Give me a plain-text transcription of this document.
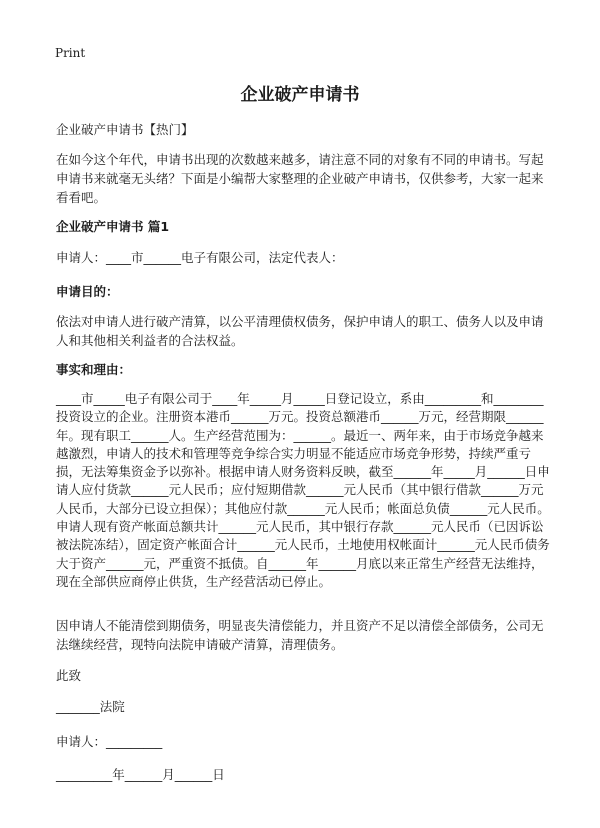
Print
企业破产申请书
企业破产申请书【热门】
在如今这个年代，申请书出现的次数越来越多，请注意不同的对象有不同的申请书。写起申请书来就毫无头绪？下面是小编帮大家整理的企业破产申请书，仅供参考，大家一起来看看吧。
企业破产申请书 篇1
申请人：____市______电子有限公司，法定代表人：
申请目的：
依法对申请人进行破产清算，以公平清理债权债务，保护申请人的职工、债务人以及申请人和其他相关利益者的合法权益。
事实和理由：
____市_____电子有限公司于____年_____月_____日登记设立，系由_________和________投资设立的企业。注册资本港币______万元。投资总额港币______万元，经营期限______年。现有职工______人。生产经营范围为：______。最近一、两年来，由于市场竞争越来越激烈，申请人的技术和管理等竞争综合实力明显不能适应市场竞争形势，持续严重亏损，无法筹集资金予以弥补。根据申请人财务资料反映，截至______年_____月______日申请人应付货款______元人民币；应付短期借款______元人民币（其中银行借款______万元人民币，大部分已设立担保）；其他应付款______元人民币；帐面总负债______元人民币。申请人现有资产帐面总额共计______元人民币，其中银行存款______元人民币（已因诉讼被法院冻结），固定资产帐面合计______元人民币，土地使用权帐面计______元人民币债务大于资产______元，严重资不抵债。自______年______月底以来正常生产经营无法维持，现在全部供应商停止供货，生产经营活动已停止。
因申请人不能清偿到期债务，明显丧失清偿能力，并且资产不足以清偿全部债务，公司无法继续经营，现特向法院申请破产清算，清理债务。
此致
_______法院
申请人：_________
_________年______月______日
